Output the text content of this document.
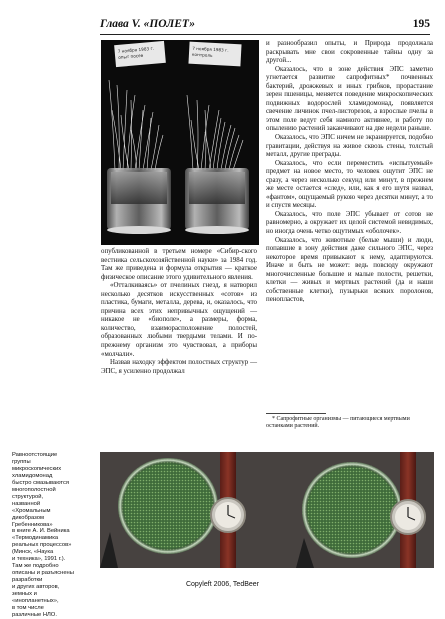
Глава V. «ПОЛЕТ»	195
7 ноября 1983 г.
опыт посев
7 ноября 1983 г.
контроль

опубликованной в третьем номере «Сибир-ского вестника сельскохозяйственной науки» за 1984 год. Там же приведена и формула открытия — краткое физическое описание этого удивительного явления.

«Отталкиваясь» от пчелиных гнезд, я натворил несколько десятков искусственных «сотов» из пластика, бумаги, металла, дерева, и, оказалось, что причина всех этих непривычных ощущений — никакое не «биополе», а размеры, форма, количество, взаиморасположение полостей, образованных любыми твердыми телами. И по-прежнему организм это чувствовал, а приборы «молчали».

Назвав находку эффектом полостных структур — ЭПС, я усиленно продолжал

и разнообразил опыты, и Природа продолжала раскрывать мне свои сокровенные тайны одну за другой...

Оказалось, что в зоне действия ЭПС заметно угнетается развитие сапрофитных* почвенных бактерий, дрожжевых и иных грибков, прорастание зерен пшеницы, меняется поведение микроскопических подвижных водорослей хламидомонад, появляется свечение личинок пчел-листорезов, а взрослые пчелы в этом поле ведут себя намного активнее, и работу по опылению растений заканчивают на две недели раньше.

Оказалось, что ЭПС ничем не экранируется, подобно гравитации, действуя на живое сквозь стены, толстый металл, другие преграды.

Оказалось, что если переместить «испытуемый» предмет на новое место, то человек ощутит ЭПС не сразу, а через несколько секунд или минут, в прежнем же месте остается «след», или, как я его шутя назвал, «фантом», ощущаемый рукою через десятки минут, а то и спустя месяцы.

Оказалось, что поле ЭПС убывает от сотов не равномерно, а окружает их целой системой невидимых, но иногда очень четко ощутимых «оболочек».

Оказалось, что животные (белые мыши) и люди, попавшие в зону действия даже сильного ЭПС, через некоторое время привыкают к нему, адаптируются. Иначе и быть не может: ведь повсюду окружают многочисленные большие и малые полости, решетки, клетки — живых и мертвых растений (да и наши собственные клетки), пузырьки всяких поролонов, пенопластов,

* Сапрофитные организмы — питающиеся мертвыми останками растений.

Равноотстоящие

группы

микроскопических

хламидомонад

быстро смазываются

многополостной

структурой,

названной

«Хромальным

дикобразом

Гребенникова»

в книге А. И. Вейника

«Термодинамика

реальных процессов»

(Минск, «Наука

и техника», 1991 г.).

Там же подробно

описаны и разъяснены

разработки

и других авторов,

земных и

«инопланетных»,

в том числе

различные НЛО.

Copyleft 2006, TedBeer
